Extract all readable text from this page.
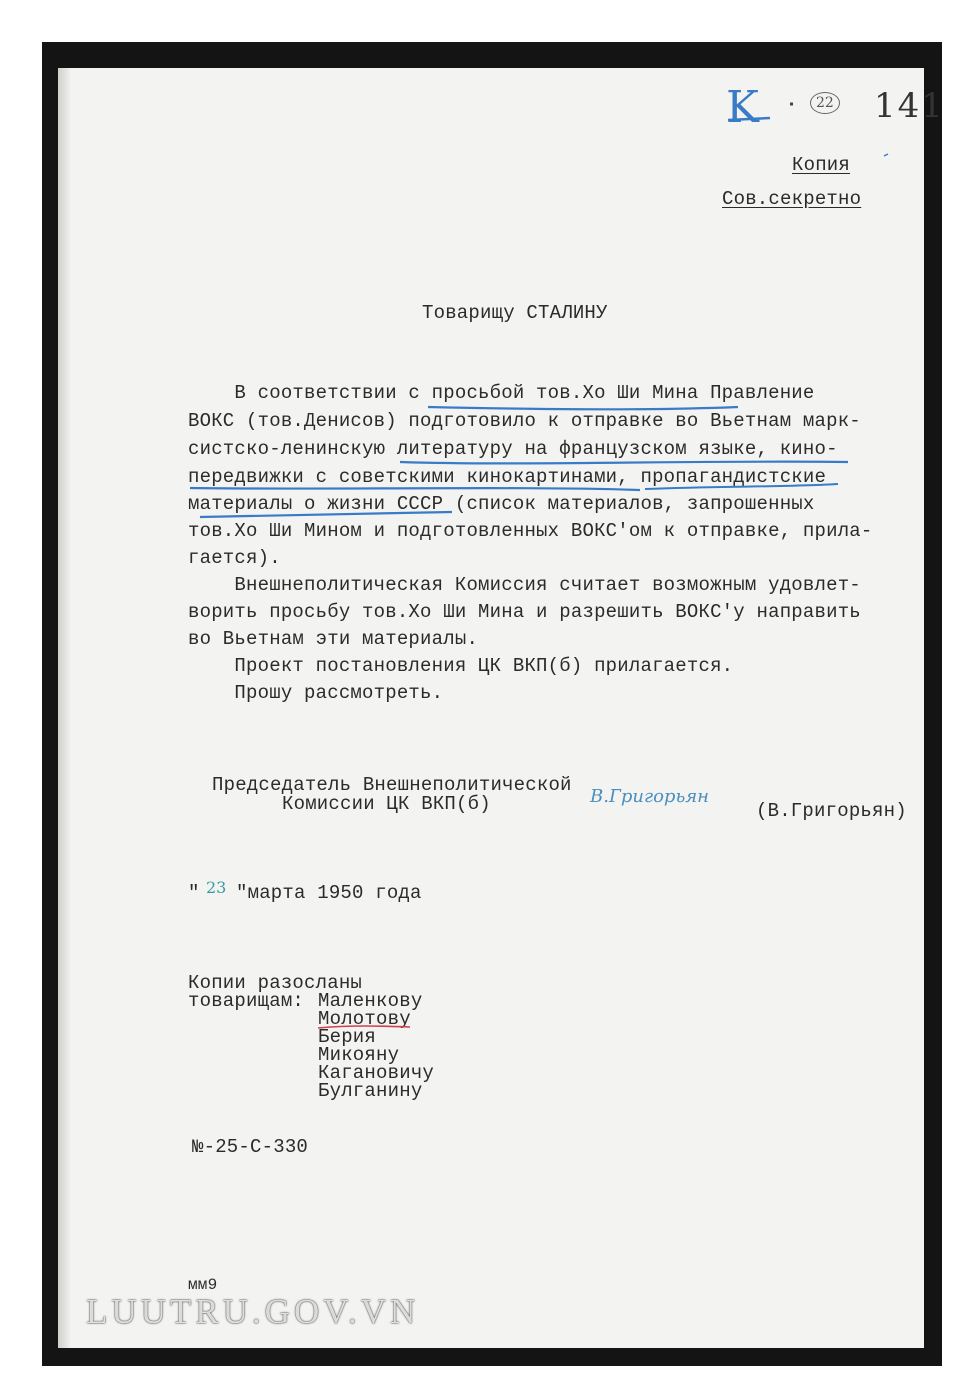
K	22 141
Копия
Сов.секретно
Товарищу СТАЛИНУ
В соответствии с просьбой тов.Хо Ши Мина Правление
ВОКС (тов.Денисов) подготовило к отправке во Вьетнам марк-
систско-ленинскую литературу на французском языке, кино-
передвижки с советскими кинокартинами, пропагандистские
материалы о жизни СССР (список материалов, запрошенных
тов.Хо Ши Мином и подготовленных ВОКС'ом к отправке, прила-
гается).
Внешнеполитическая Комиссия считает возможным удовлет-
ворить просьбу тов.Хо Ши Мина и разрешить ВОКС'у направить
во Вьетнам эти материалы.
Проект постановления ЦК ВКП(б) прилагается.
Прошу рассмотреть.
Председатель Внешнеполитической
Комиссии ЦК ВКП(б)	В.Григорьян
(В.Григорьян)
" 23 "марта 1950 года
Копии разосланы
товарищам: Маленкову
Молотову
Берия
Микояну
Кагановичу
Булганину
№-25-С-330
мм9
LUUTRU.GOV.VN
